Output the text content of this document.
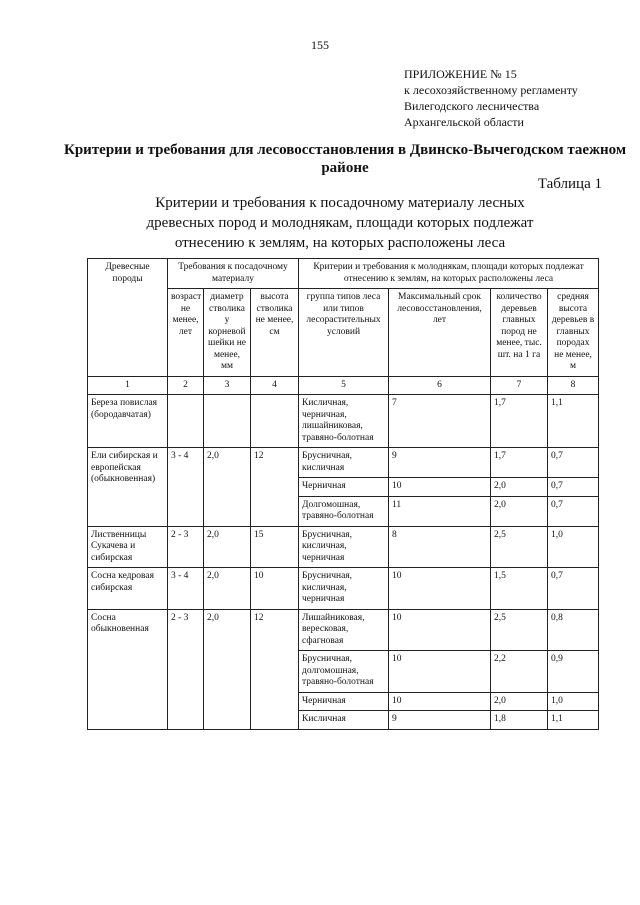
155
ПРИЛОЖЕНИЕ № 15
к лесохозяйственному регламенту
Вилегодского лесничества
Архангельской области
Критерии и требования для лесовосстановления в Двинско-Вычегодском таежном районе
Таблица 1
Критерии и требования к посадочному материалу лесных древесных пород и молоднякам, площади которых подлежат отнесению к землям, на которых расположены леса
Древесные породы	Требования к посадочному материалу			Критерии и требования к молоднякам, площади которых подлежат отнесению к землям, на которых расположены леса			
	возраст не менее, лет	диаметр стволика у корневой шейки не менее, мм	высота стволика не менее, см	группа типов леса или типов лесорастительных условий	Максимальный срок лесовосстановления, лет	количество деревьев главных пород не менее, тыс. шт. на 1 га	средняя высота деревьев в главных породах не менее, м
1	2	3	4	5	6	7	8
Береза повислая (бородавчатая)				Кисличная, черничная, лишайниковая, травяно-болотная	7	1,7	1,1
Ели сибирская и европейская (обыкновенная)	3 - 4	2,0	12	Брусничная, кисличная	9	1,7	0,7
				Черничная	10	2,0	0,7
				Долгомошная, травяно-болотная	11	2,0	0,7
Лиственницы Сукачева и сибирская	2 - 3	2,0	15	Брусничная, кисличная, черничная	8	2,5	1,0
Сосна кедровая сибирская	3 - 4	2,0	10	Брусничная, кисличная, черничная	10	1,5	0,7
Сосна обыкновенная	2 - 3	2,0	12	Лишайниковая, вересковая, сфагновая	10	2,5	0,8
				Брусничная, долгомошная, травяно-болотная	10	2,2	0,9
				Черничная	10	2,0	1,0
				Кисличная	9	1,8	1,1
